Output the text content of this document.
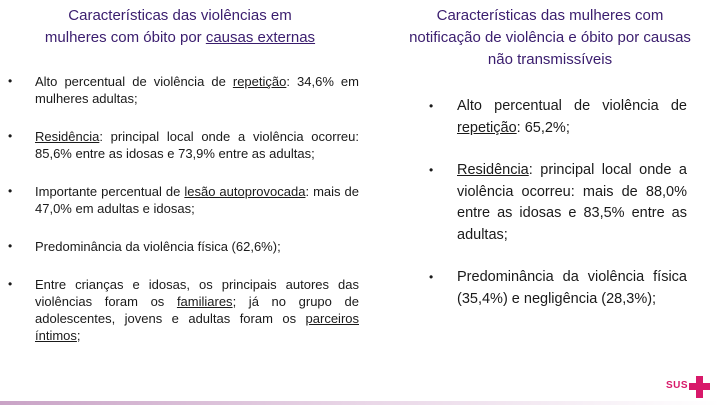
Características das violências em
mulheres com óbito por causas externas
Características das mulheres com
notificação de violência e óbito por causas
não transmissíveis
• Alto percentual de violência de repetição: 34,6% em mulheres adultas;
• Residência: principal local onde a violência ocorreu: 85,6% entre as idosas e 73,9% entre as adultas;
• Importante percentual de lesão autoprovocada: mais de 47,0% em adultas e idosas;
• Predominância da violência física (62,6%);
• Entre crianças e idosas, os principais autores das violências foram os familiares; já no grupo de adolescentes, jovens e adultas foram os parceiros íntimos;
• Alto percentual de violência de repetição: 65,2%;
• Residência: principal local onde a violência ocorreu: mais de 88,0% entre as idosas e 83,5% entre as adultas;
• Predominância da violência física (35,4%) e negligência (28,3%);
SUS
